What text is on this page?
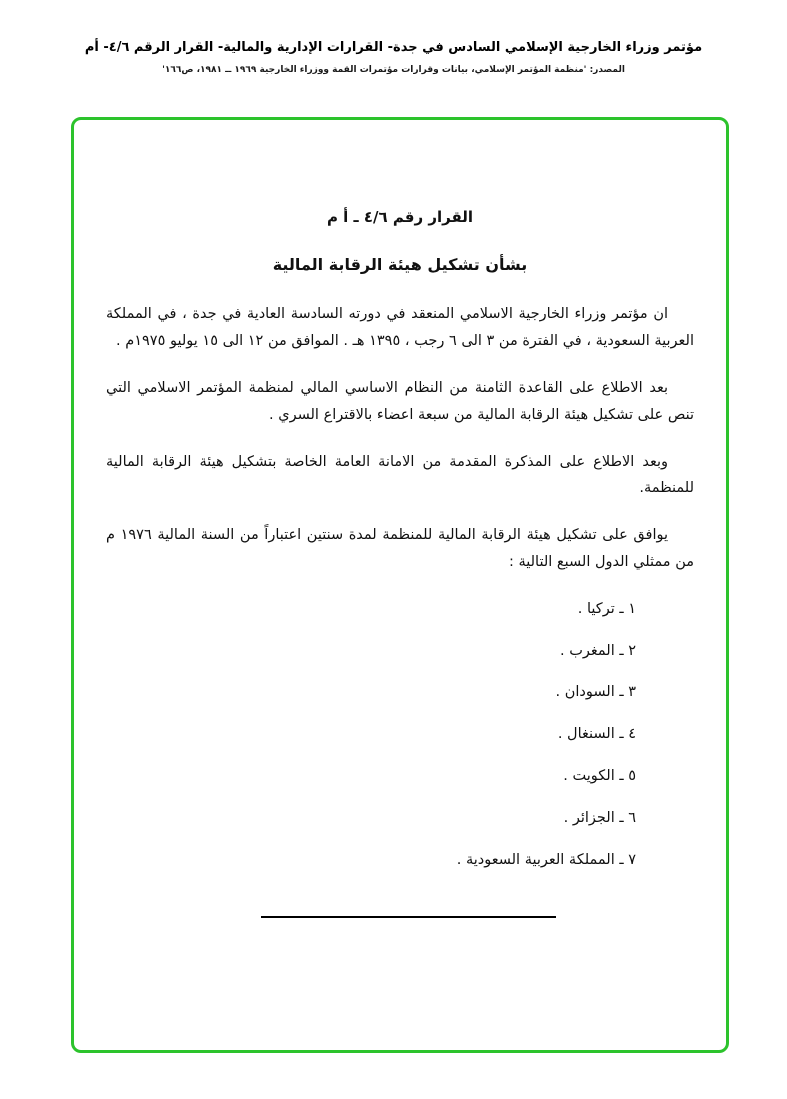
مؤتمر وزراء الخارجية الإسلامي السادس في جدة- القرارات الإدارية والمالية- القرار الرقم ٤/٦- أم
المصدر: 'منظمة المؤتمر الإسلامي، بيانات وقرارات مؤتمرات القمة ووزراء الخارجية ١٩٦٩ ــ ١٩٨١، ص١٦٦'
القرار رقم ٤/٦ ـ أ م
بشأن تشكيل هيئة الرقابة المالية

ان مؤتمر وزراء الخارجية الاسلامي المنعقد في دورته السادسة العادية في جدة ، في المملكة العربية السعودية ، في الفترة من ٣ الى ٦ رجب ، ١٣٩٥ هـ . الموافق من ١٢ الى ١٥ يوليو ١٩٧٥م .

بعد الاطلاع على القاعدة الثامنة من النظام الاساسي المالي لمنظمة المؤتمر الاسلامي التي تنص على تشكيل هيئة الرقابة المالية من سبعة اعضاء بالاقتراع السري .

وبعد الاطلاع على المذكرة المقدمة من الامانة العامة الخاصة بتشكيل هيئة الرقابة المالية للمنظمة.

يوافق على تشكيل هيئة الرقابة المالية للمنظمة لمدة سنتين اعتباراً من السنة المالية ١٩٧٦ م من ممثلي الدول السبع التالية :

١ ـ تركيا .
٢ ـ المغرب .
٣ ـ السودان .
٤ ـ السنغال .
٥ ـ الكويت .
٦ ـ الجزائر .
٧ ـ المملكة العربية السعودية .
